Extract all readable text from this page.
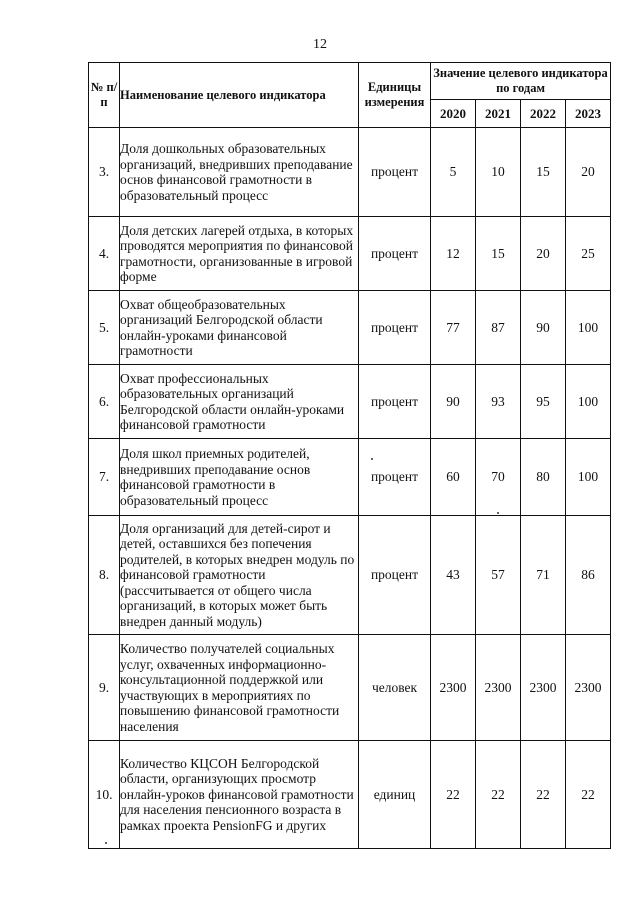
12
№ п/п	Наименование целевого индикатора	Единицы измерения	Значение целевого индикатора по годам			
			2020	2021	2022	2023
3.	Доля дошкольных образовательных организаций, внедривших преподавание основ финансовой грамотности в образовательный процесс	процент	5	10	15	20
4.	Доля детских лагерей отдыха, в которых проводятся мероприятия по финансовой грамотности, организованные в игровой форме	процент	12	15	20	25
5.	Охват общеобразовательных организаций Белгородской области онлайн-уроками финансовой грамотности	процент	77	87	90	100
6.	Охват профессиональных образовательных организаций Белгородской области онлайн-уроками финансовой грамотности	процент	90	93	95	100
7.	Доля школ приемных родителей, внедривших преподавание основ финансовой грамотности в образовательный процесс	процент	60	70	80	100
8.	Доля организаций для детей-сирот и детей, оставшихся без попечения родителей, в которых внедрен модуль по финансовой грамотности (рассчитывается от общего числа организаций, в которых может быть внедрен данный модуль)	процент	43	57	71	86
9.	Количество получателей социальных услуг, охваченных информационно-консультационной поддержкой или участвующих в мероприятиях по повышению финансовой грамотности населения	человек	2300	2300	2300	2300
10.	Количество КЦСОН Белгородской области, организующих просмотр онлайн-уроков финансовой грамотности для населения пенсионного возраста в рамках проекта PensionFG и других	единиц	22	22	22	22
